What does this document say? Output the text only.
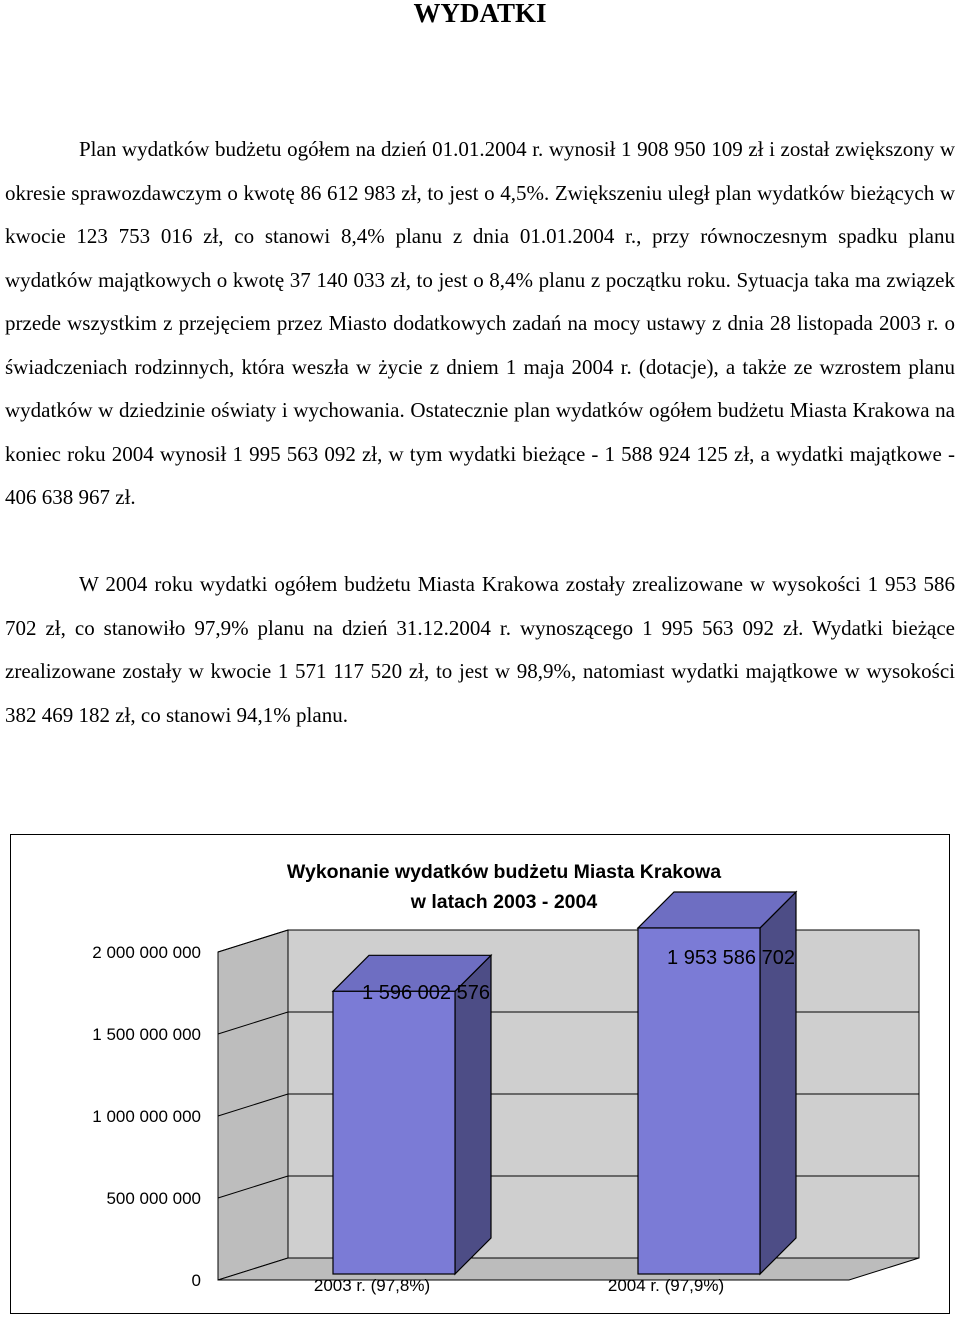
WYDATKI

Plan wydatków budżetu ogółem na dzień 01.01.2004 r. wynosił 1 908 950 109 zł i został zwiększony w okresie sprawozdawczym o kwotę 86 612 983 zł, to jest o 4,5%. Zwiększeniu uległ plan wydatków bieżących w kwocie 123 753 016 zł, co stanowi 8,4% planu z dnia 01.01.2004 r., przy równoczesnym spadku planu wydatków majątkowych o kwotę 37 140 033 zł, to jest o 8,4% planu z początku roku. Sytuacja taka ma związek przede wszystkim z przejęciem przez Miasto dodatkowych zadań na mocy ustawy z dnia 28 listopada 2003 r. o świadczeniach rodzinnych, która weszła w życie z dniem 1 maja 2004 r. (dotacje), a także ze wzrostem planu wydatków w dziedzinie oświaty i wychowania. Ostatecznie plan wydatków ogółem budżetu Miasta Krakowa na koniec roku 2004 wynosił 1 995 563 092 zł, w tym wydatki bieżące - 1 588 924 125 zł, a wydatki majątkowe - 406 638 967 zł.

W 2004 roku wydatki ogółem budżetu Miasta Krakowa zostały zrealizowane w wysokości 1 953 586 702 zł, co stanowiło 97,9% planu na dzień 31.12.2004 r. wynoszącego 1 995 563 092 zł. Wydatki bieżące zrealizowane zostały w kwocie 1 571 117 520 zł, to jest w 98,9%, natomiast wydatki majątkowe w wysokości 382 469 182 zł, co stanowi 94,1% planu.

0
500 000 000
1 000 000 000
1 500 000 000
2 000 000 000
1 596 002 576
1 953 586 702
2003 r. (97,8%)	2004 r. (97,9%)
Wykonanie wydatków budżetu Miasta Krakowa
w latach 2003 - 2004
